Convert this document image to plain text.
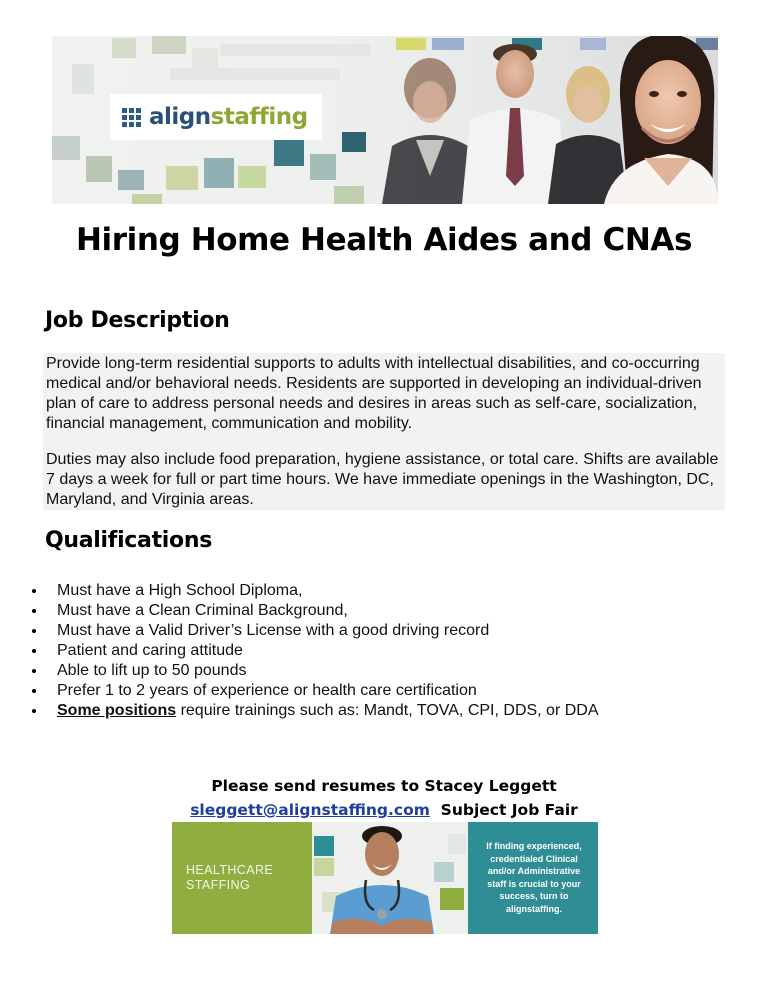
alignstaffing
Hiring Home Health Aides and CNAs
Job Description
Provide long-term residential supports to adults with intellectual disabilities, and co-occurring medical and/or behavioral needs. Residents are supported in developing an individual-driven plan of care to address personal needs and desires in areas such as self-care, socialization, financial management, communication and mobility.
Duties may also include food preparation, hygiene assistance, or total care. Shifts are available 7 days a week for full or part time hours. We have immediate openings in the Washington, DC, Maryland, and Virginia areas.
Qualifications
Must have a High School Diploma,
Must have a Clean Criminal Background,
Must have a Valid Driver’s License with a good driving record
Patient and caring attitude
Able to lift up to 50 pounds
Prefer 1 to 2 years of experience or health care certification
Some positions require trainings such as: Mandt, TOVA, CPI, DDS, or DDA
Please send resumes to Stacey Leggett
sleggett@alignstaffing.com  Subject Job Fair
HEALTHCARE
STAFFING
If finding experienced, credentialed Clinical and/or Administrative staff is crucial to your success, turn to alignstaffing.
